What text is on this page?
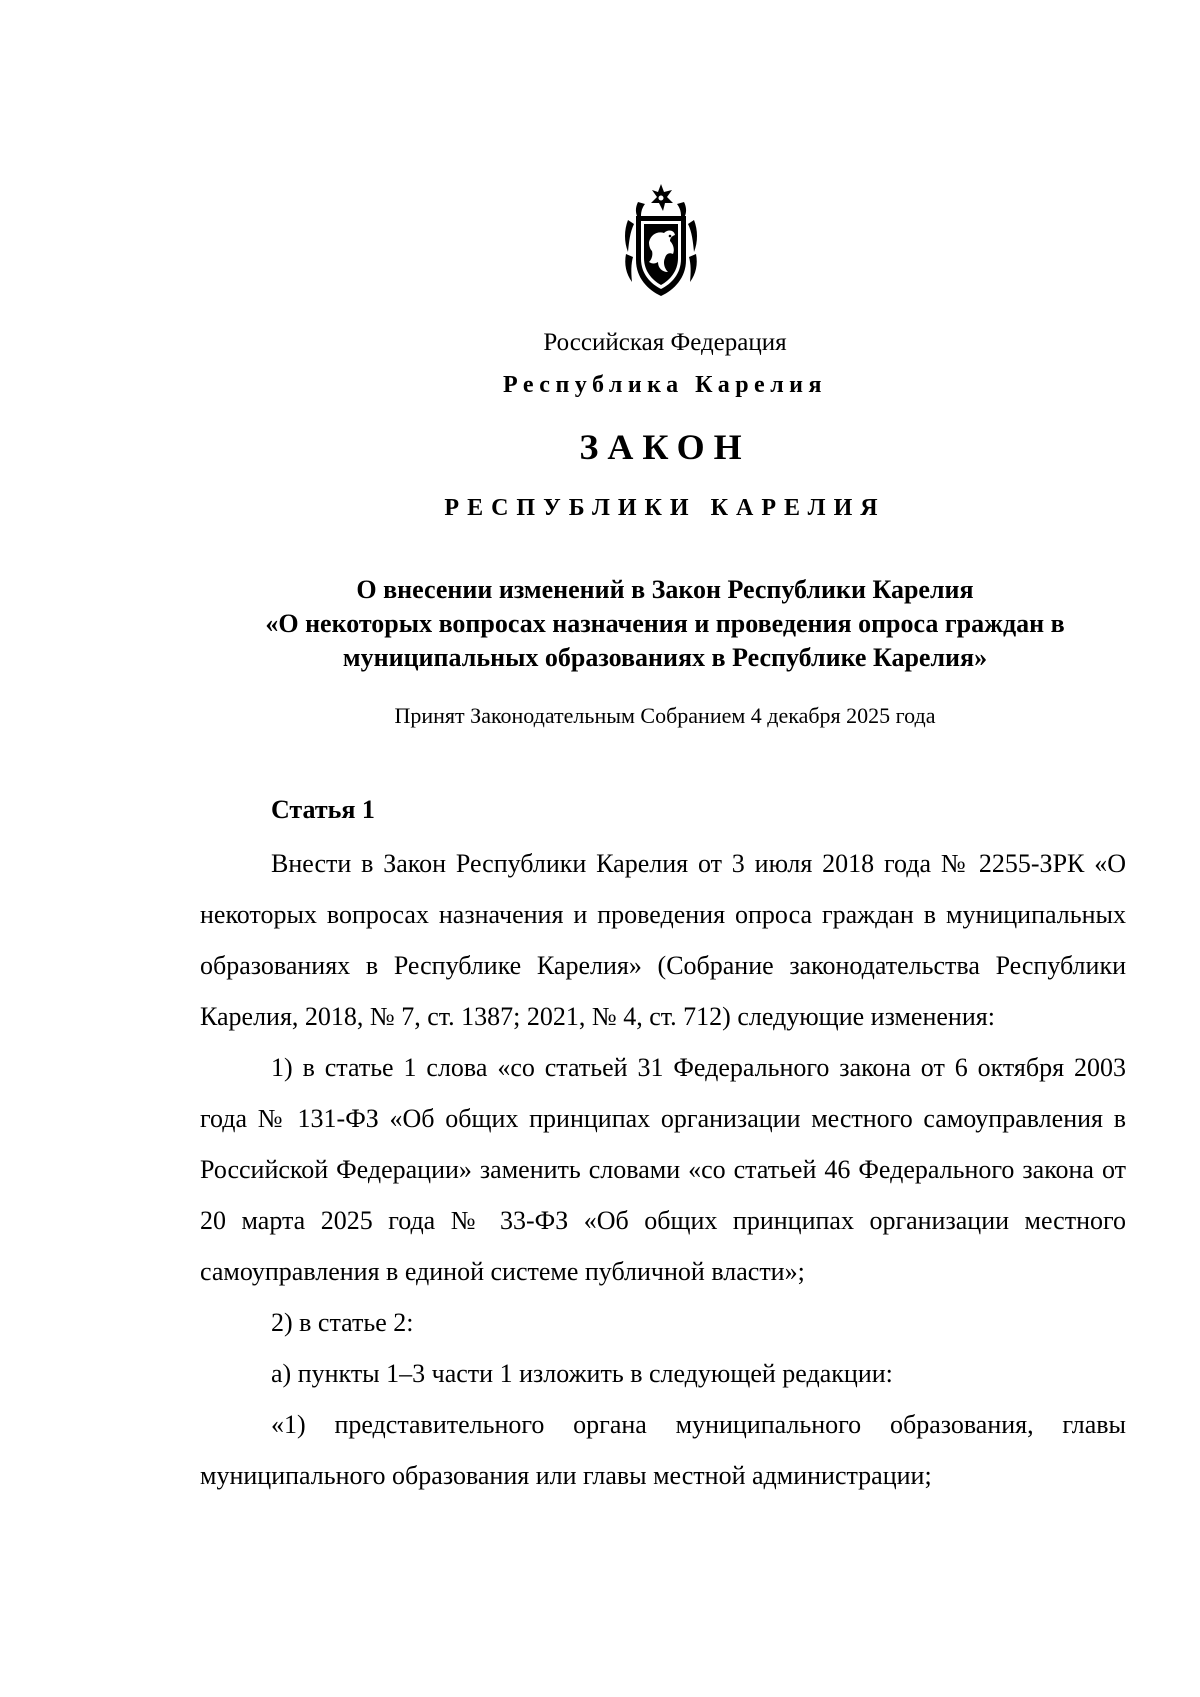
Российская Федерация
Республика Карелия
ЗАКОН
РЕСПУБЛИКИ КАРЕЛИЯ
О внесении изменений в Закон Республики Карелия
«О некоторых вопросах назначения и проведения опроса граждан в
муниципальных образованиях в Республике Карелия»
Принят Законодательным Собранием 4 декабря 2025 года
Статья 1

Внести в Закон Республики Карелия от 3 июля 2018 года № 2255-ЗРК «О некоторых вопросах назначения и проведения опроса граждан в муниципальных образованиях в Республике Карелия» (Собрание законодательства Республики Карелия, 2018, № 7, ст. 1387; 2021, № 4, ст. 712) следующие изменения:

1) в статье 1 слова «со статьей 31 Федерального закона от 6 октября 2003 года № 131-ФЗ «Об общих принципах организации местного самоуправления в Российской Федерации» заменить словами «со статьей 46 Федерального закона от 20 марта 2025 года № 33-ФЗ «Об общих принципах организации местного самоуправления в единой системе публичной власти»;

2) в статье 2:

а) пункты 1–3 части 1 изложить в следующей редакции:

«1) представительного органа муниципального образования, главы муниципального образования или главы местной администрации;
